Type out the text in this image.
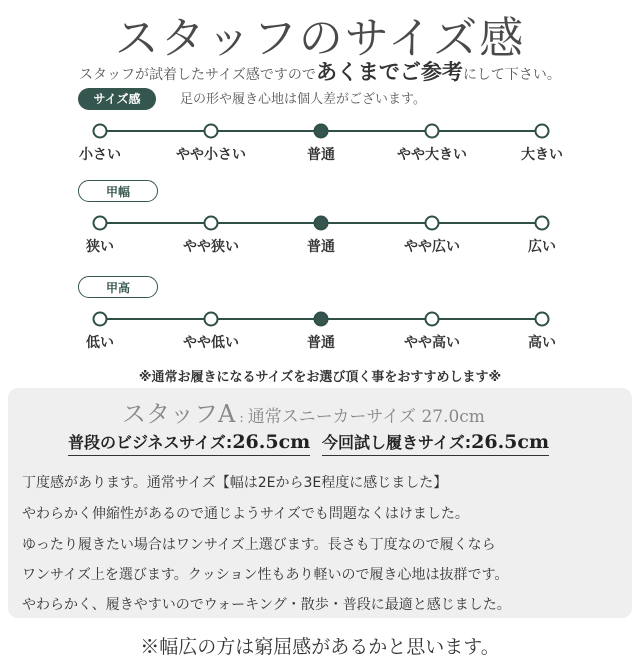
スタッフのサイズ感
スタッフが試着したサイズ感ですのであくまでご参考にして下さい。
サイズ感	足の形や履き心地は個人差がございます。
甲幅
甲高
※通常お履きになるサイズをお選び頂く事をおすすめします※
スタッフA : 通常スニーカーサイズ 27.0cm
普段のビジネスサイズ:26.5cm 今回試し履きサイズ:26.5cm
丁度感があります。通常サイズ【幅は2Eから3E程度に感じました】
やわらかく伸縮性があるので通じようサイズでも問題なくはけました。
ゆったり履きたい場合はワンサイズ上選びます。長さも丁度なので履くなら
ワンサイズ上を選びます。クッション性もあり軽いので履き心地は抜群です。
やわらかく、履きやすいのでウォーキング・散歩・普段に最適と感じました。
※幅広の方は窮屈感があるかと思います。
小さい	やや小さい	普通	やや大きい	大きい
狭い	やや狭い	普通	やや広い	広い
低い	やや低い	普通	やや高い	高い
